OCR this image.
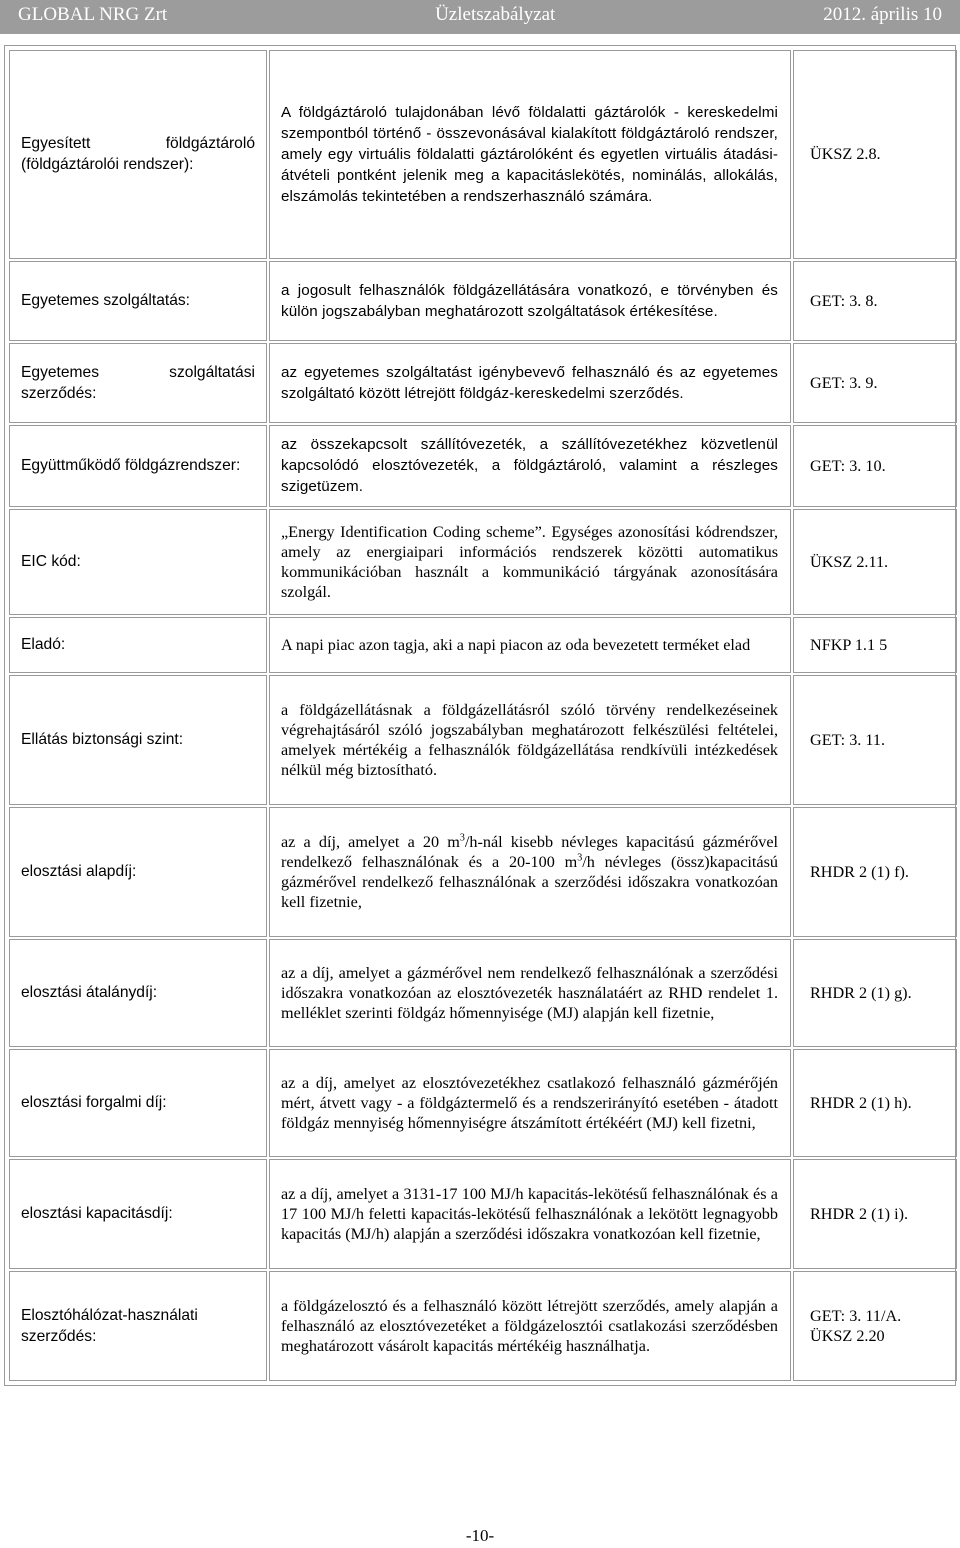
GLOBAL NRG Zrt	Üzletszabályzat	2012. április 10
Egyesített földgáztároló (földgáztárolói rendszer):	A földgáztároló tulajdonában lévő földalatti gáztárolók - kereskedelmi szempontból történő - összevonásával kialakított földgáztároló rendszer, amely egy virtuális földalatti gáztárolóként és egyetlen virtuális átadási-átvételi pontként jelenik meg a kapacitáslekötés, nominálás, allokálás, elszámolás tekintetében a rendszerhasználó számára.	ÜKSZ 2.8.
Egyetemes szolgáltatás:	a jogosult felhasználók földgázellátására vonatkozó, e törvényben és külön jogszabályban meghatározott szolgáltatások értékesítése.	GET: 3. 8.
Egyetemes szolgáltatási szerződés:	az egyetemes szolgáltatást igénybevevő felhasználó és az egyetemes szolgáltató között létrejött földgáz-kereskedelmi szerződés.	GET: 3. 9.
Együttműködő földgázrendszer:	az összekapcsolt szállítóvezeték, a szállítóvezetékhez közvetlenül kapcsolódó elosztóvezeték, a földgáztároló, valamint a részleges szigetüzem.	GET: 3. 10.
EIC kód:	„Energy Identification Coding scheme”. Egységes azonosítási kódrendszer, amely az energiaipari információs rendszerek közötti automatikus kommunikációban használt a kommunikáció tárgyának azonosítására szolgál.	ÜKSZ 2.11.
Eladó:	A napi piac azon tagja, aki a napi piacon az oda bevezetett terméket elad	NFKP 1.1 5
Ellátás biztonsági szint:	a földgázellátásnak a földgázellátásról szóló törvény rendelkezéseinek végrehajtásáról szóló jogszabályban meghatározott felkészülési feltételei, amelyek mértékéig a felhasználók földgázellátása rendkívüli intézkedések nélkül még biztosítható.	GET: 3. 11.
elosztási alapdíj:	az a díj, amelyet a 20 $m^3/h$-nál kisebb névleges kapacitású gázmérővel rendelkező felhasználónak és a 20-100 $m^3/h$ névleges (össz)kapacitású gázmérővel rendelkező felhasználónak a szerződési időszakra vonatkozóan kell fizetnie,	RHDR 2 (1) f).
elosztási átalánydíj:	az a díj, amelyet a gázmérővel nem rendelkező felhasználónak a szerződési időszakra vonatkozóan az elosztóvezeték használatáért az RHD rendelet 1. melléklet szerinti földgáz hőmennyisége (MJ) alapján kell fizetnie,	RHDR 2 (1) g).
elosztási forgalmi díj:	az a díj, amelyet az elosztóvezetékhez csatlakozó felhasználó gázmérőjén mért, átvett vagy - a földgáztermelő és a rendszerirányító esetében - átadott földgáz mennyiség hőmennyiségre átszámított értékéért (MJ) kell fizetni,	RHDR 2 (1) h).
elosztási kapacitásdíj:	az a díj, amelyet a 3131-17 100 MJ/h kapacitás-lekötésű felhasználónak és a 17 100 MJ/h feletti kapacitás-lekötésű felhasználónak a lekötött legnagyobb kapacitás (MJ/h) alapján a szerződési időszakra vonatkozóan kell fizetnie,	RHDR 2 (1) i).
Elosztóhálózat-használati szerződés:	a földgázelosztó és a felhasználó között létrejött szerződés, amely alapján a felhasználó az elosztóvezetéket a földgázelosztói csatlakozási szerződésben meghatározott vásárolt kapacitás mértékéig használhatja.	GET: 3. 11/A.
ÜKSZ 2.20
-10-
